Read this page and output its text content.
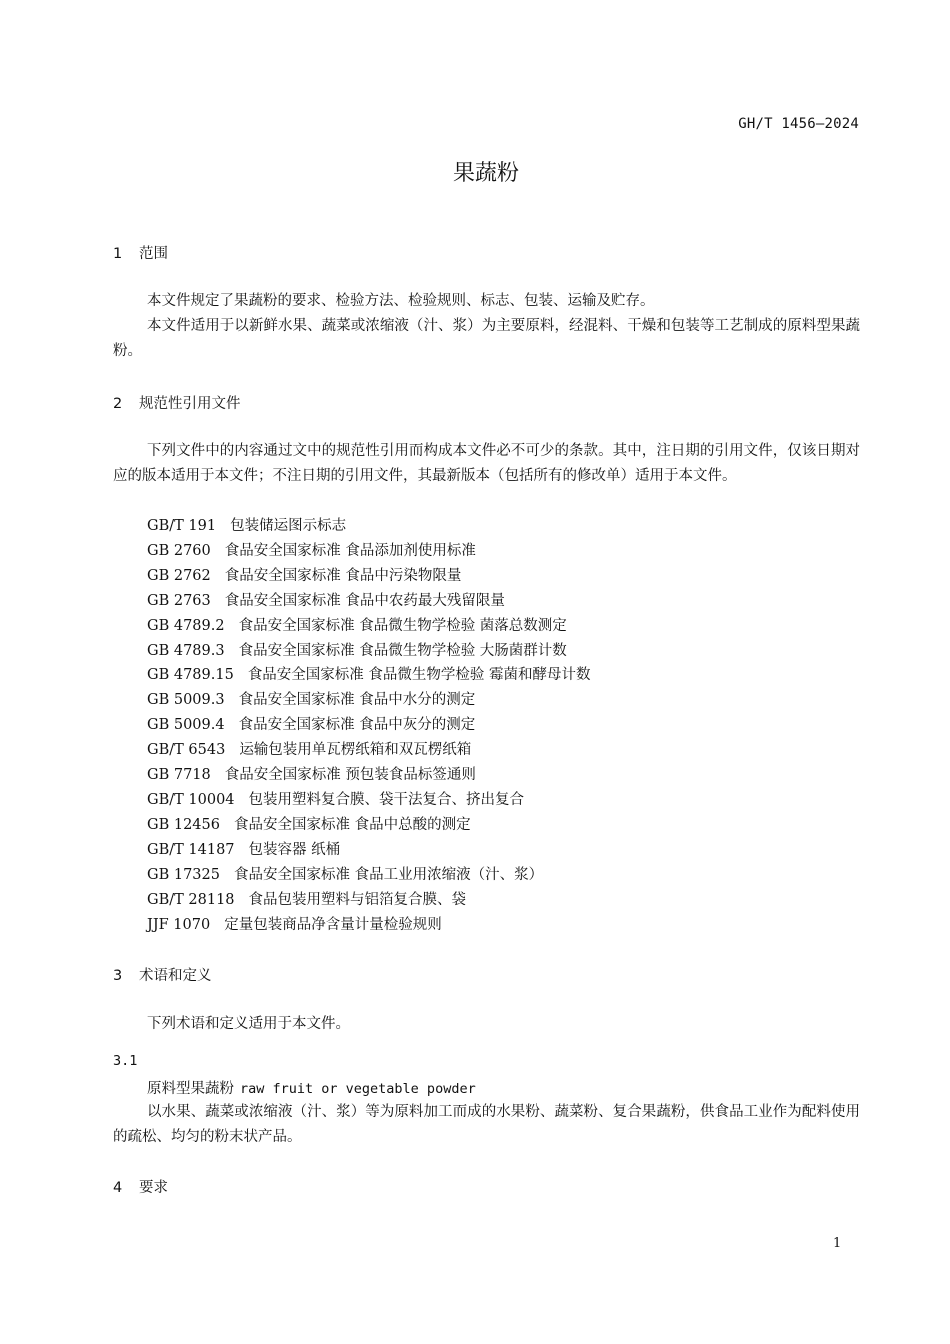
GH/T 1456—2024
果蔬粉
1 范围
本文件规定了果蔬粉的要求、检验方法、检验规则、标志、包装、运输及贮存。
本文件适用于以新鲜水果、蔬菜或浓缩液（汁、浆）为主要原料，经混料、干燥和包装等工艺制成的原料型果蔬粉。
2 规范性引用文件
下列文件中的内容通过文中的规范性引用而构成本文件必不可少的条款。其中，注日期的引用文件，仅该日期对应的版本适用于本文件；不注日期的引用文件，其最新版本（包括所有的修改单）适用于本文件。
GB/T 191 包装储运图示标志
GB 2760 食品安全国家标准 食品添加剂使用标准
GB 2762 食品安全国家标准 食品中污染物限量
GB 2763 食品安全国家标准 食品中农药最大残留限量
GB 4789.2 食品安全国家标准 食品微生物学检验 菌落总数测定
GB 4789.3 食品安全国家标准 食品微生物学检验 大肠菌群计数
GB 4789.15 食品安全国家标准 食品微生物学检验 霉菌和酵母计数
GB 5009.3 食品安全国家标准 食品中水分的测定
GB 5009.4 食品安全国家标准 食品中灰分的测定
GB/T 6543 运输包装用单瓦楞纸箱和双瓦楞纸箱
GB 7718 食品安全国家标准 预包装食品标签通则
GB/T 10004 包装用塑料复合膜、袋干法复合、挤出复合
GB 12456 食品安全国家标准 食品中总酸的测定
GB/T 14187 包装容器 纸桶
GB 17325 食品安全国家标准 食品工业用浓缩液（汁、浆）
GB/T 28118 食品包装用塑料与铝箔复合膜、袋
JJF 1070 定量包装商品净含量计量检验规则
3 术语和定义
下列术语和定义适用于本文件。
3.1
原料型果蔬粉 raw fruit or vegetable powder
以水果、蔬菜或浓缩液（汁、浆）等为原料加工而成的水果粉、蔬菜粉、复合果蔬粉，供食品工业作为配料使用的疏松、均匀的粉末状产品。
4 要求
1
